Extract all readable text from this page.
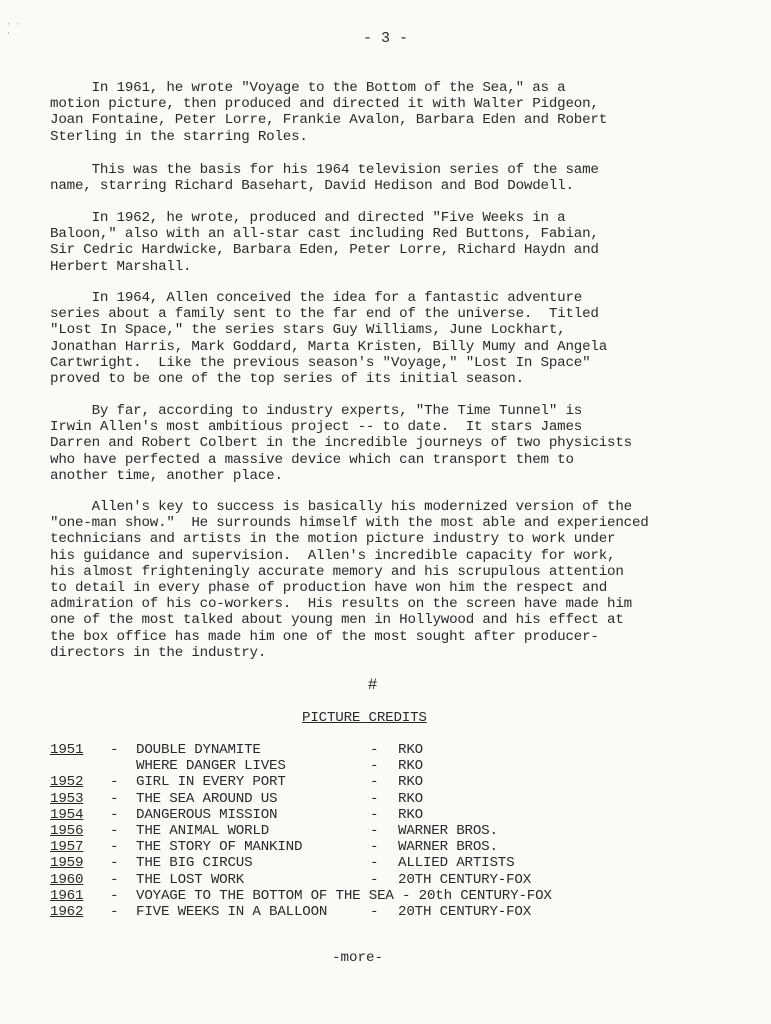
· · ·	- 3 -

In 1961, he wrote "Voyage to the Bottom of the Sea," as a
motion picture, then produced and directed it with Walter Pidgeon,
Joan Fontaine, Peter Lorre, Frankie Avalon, Barbara Eden and Robert
Sterling in the starring Roles.

This was the basis for his 1964 television series of the same
name, starring Richard Basehart, David Hedison and Bod Dowdell.

In 1962, he wrote, produced and directed "Five Weeks in a
Baloon," also with an all-star cast including Red Buttons, Fabian,
Sir Cedric Hardwicke, Barbara Eden, Peter Lorre, Richard Haydn and
Herbert Marshall.

In 1964, Allen conceived the idea for a fantastic adventure
series about a family sent to the far end of the universe.  Titled
"Lost In Space," the series stars Guy Williams, June Lockhart,
Jonathan Harris, Mark Goddard, Marta Kristen, Billy Mumy and Angela
Cartwright.  Like the previous season's "Voyage," "Lost In Space"
proved to be one of the top series of its initial season.

By far, according to industry experts, "The Time Tunnel" is
Irwin Allen's most ambitious project -- to date.  It stars James
Darren and Robert Colbert in the incredible journeys of two physicists
who have perfected a massive device which can transport them to
another time, another place.

Allen's key to success is basically his modernized version of the
"one-man show."  He surrounds himself with the most able and experienced
technicians and artists in the motion picture industry to work under
his guidance and supervision.  Allen's incredible capacity for work,
his almost frighteningly accurate memory and his scrupulous attention
to detail in every phase of production have won him the respect and
admiration of his co-workers.  His results on the screen have made him
one of the most talked about young men in Hollywood and his effect at
the box office has made him one of the most sought after producer-
directors in the industry.

#
PICTURE CREDITS
1951 - DOUBLE DYNAMITE	- RKO
WHERE DANGER LIVES	- RKO
1952 - GIRL IN EVERY PORT	- RKO
1953 - THE SEA AROUND US	- RKO
1954 - DANGEROUS MISSION	- RKO
1956 - THE ANIMAL WORLD	- WARNER BROS.
1957 - THE STORY OF MANKIND	- WARNER BROS.
1959 - THE BIG CIRCUS	- ALLIED ARTISTS
1960 - THE LOST WORK	- 20TH CENTURY-FOX
1961 - VOYAGE TO THE BOTTOM OF THE SEA - 20th CENTURY-FOX
1962 - FIVE WEEKS IN A BALLOON	- 20TH CENTURY-FOX
-more-
